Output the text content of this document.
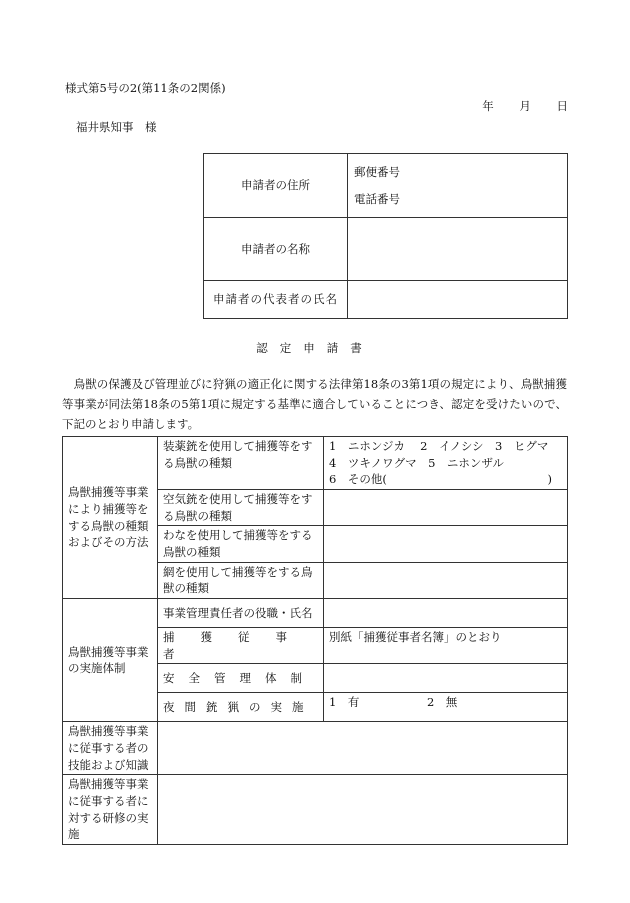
様式第5号の2(第11条の2関係)
年 月 日
福井県知事　様
申請者の住所	郵便番号
電話番号

申請者の名称	
申請者の代表者の氏名	
認定申請書
　鳥獣の保護及び管理並びに狩猟の適正化に関する法律第18条の3第1項の規定により、鳥獣捕獲等事業が同法第18条の5第1項に規定する基準に適合していることにつき、認定を受けたいので、下記のとおり申請します。
鳥獣捕獲等事業により捕獲等をする鳥獣の種類およびその方法	装薬銃を使用して捕獲等をする鳥獣の種類	1　ニホンジカ　 2　イノシシ　3　ヒグマ
4　ツキノワグマ　5　ニホンザル
6　その他( )

	空気銃を使用して捕獲等をする鳥獣の種類	
	わなを使用して捕獲等をする鳥獣の種類	
	網を使用して捕獲等をする鳥獣の種類	
鳥獣捕獲等事業の実施体制	事業管理責任者の役職・氏名	

	捕獲従事者	別紙「捕獲従事者名簿」のとおり
	安全管理体制	
	夜間銃猟の実施	1　有 2　無
鳥獣捕獲等事業に従事する者の技能および知識		
鳥獣捕獲等事業に従事する者に対する研修の実施		
